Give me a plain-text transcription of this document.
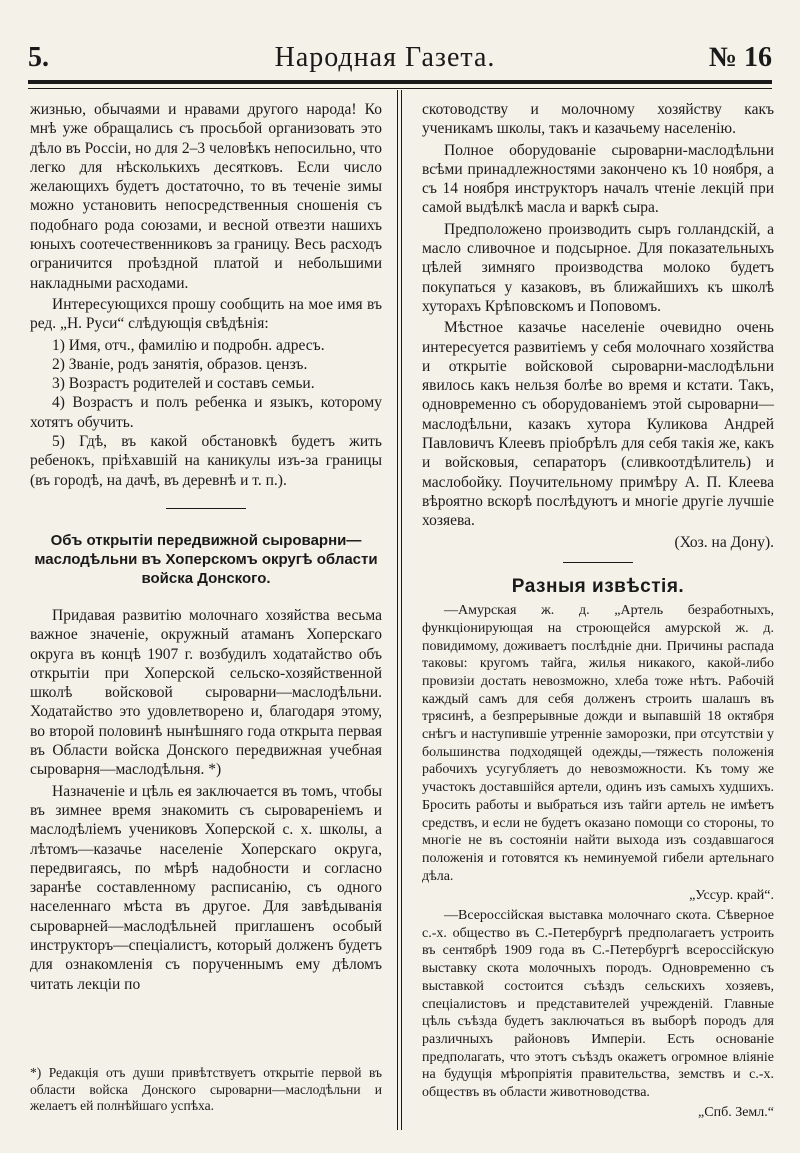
5.	Народная Газета.	№ 16

жизнью, обычаями и нравами другого народа! Ко мнѣ уже обращались съ просьбой организовать это дѣло въ Россіи, но для 2–3 человѣкъ непосильно, что легко для нѣсколькихъ десятковъ. Если число желающихъ будетъ достаточно, то въ теченіе зимы можно установить непосредственныя сношенія съ подобнаго рода союзами, и весной отвезти нашихъ юныхъ соотечественниковъ за границу. Весь расходъ ограничится проѣздной платой и небольшими накладными расходами.

Интересующихся прошу сообщить на мое имя въ ред. „Н. Руси“ слѣдующія свѣдѣнія:

1) Имя, отч., фамилію и подробн. адресъ.

2) Званіе, родъ занятія, образов. цензъ.

3) Возрастъ родителей и составъ семьи.

4) Возрастъ и полъ ребенка и языкъ, которому хотятъ обучить.

5) Гдѣ, въ какой обстановкѣ будетъ жить ребенокъ, пріѣхавшій на каникулы изъ-за границы (въ городѣ, на дачѣ, въ деревнѣ и т. п.).

Объ открытіи передвижной сыроварни—маслодѣльни въ Хоперскомъ округѣ области войска Донского.

Придавая развитію молочнаго хозяйства весьма важное значеніе, окружный атаманъ Хоперскаго округа въ концѣ 1907 г. возбудилъ ходатайство объ открытіи при Хоперской сельско-хозяйственной школѣ войсковой сыроварни—маслодѣльни. Ходатайство это удовлетворено и, благодаря этому, во второй половинѣ нынѣшняго года открыта первая въ Области войска Донского передвижная учебная сыроварня—маслодѣльня. *)

Назначеніе и цѣль ея заключается въ томъ, чтобы въ зимнее время знакомить съ сыровареніемъ и маслодѣліемъ учениковъ Хоперской с. х. школы, а лѣтомъ—казачье населеніе Хоперскаго округа, передвигаясь, по мѣрѣ надобности и согласно заранѣе составленному расписанію, съ одного населеннаго мѣста въ другое. Для завѣдыванія сыроварней—маслодѣльней приглашенъ особый инструкторъ—спеціалистъ, который долженъ будетъ для ознакомленія съ порученнымъ ему дѣломъ читать лекціи по

*) Редакція отъ души привѣтствуетъ открытіе первой въ области войска Донского сыроварни—маслодѣльни и желаетъ ей полнѣйшаго успѣха.

скотоводству и молочному хозяйству какъ ученикамъ школы, такъ и казачьему населенію.

Полное оборудованіе сыроварни-маслодѣльни всѣми принадлежностями закончено къ 10 ноября, а съ 14 ноября инструкторъ началъ чтеніе лекцій при самой выдѣлкѣ масла и варкѣ сыра.

Предположено производить сыръ голландскій, а масло сливочное и подсырное. Для показательныхъ цѣлей зимняго производства молоко будетъ покупаться у казаковъ, въ ближайшихъ къ школѣ хуторахъ Крѣповскомъ и Поповомъ.

Мѣстное казачье населеніе очевидно очень интересуется развитіемъ у себя молочнаго хозяйства и открытіе войсковой сыроварни-маслодѣльни явилось какъ нельзя болѣе во время и кстати. Такъ, одновременно съ оборудованіемъ этой сыроварни—маслодѣльни, казакъ хутора Куликова Андрей Павловичъ Клеевъ пріобрѣлъ для себя такія же, какъ и войсковыя, сепараторъ (сливкоотдѣлитель) и маслобойку. Поучительному примѣру А. П. Клеева вѣроятно вскорѣ послѣдуютъ и многіе другіе лучшіе хозяева.

(Хоз. на Дону).

Разныя извѣстія.

—Амурская ж. д. „Артель безработныхъ, функціонирующая на строющейся амурской ж. д. повидимому, доживаетъ послѣдніе дни. Причины распада таковы: кругомъ тайга, жилья никакого, какой-либо провизіи достать невозможно, хлеба тоже нѣтъ. Рабочій каждый самъ для себя долженъ строить шалашъ въ трясинѣ, а безпрерывные дожди и выпавшій 18 октября снѣгъ и наступившіе утренніе заморозки, при отсутствіи у большинства подходящей одежды,—тяжесть положенія рабочихъ усугубляетъ до невозможности. Къ тому же участокъ доставшійся артели, одинъ изъ самыхъ худшихъ. Бросить работы и выбраться изъ тайги артель не имѣетъ средствъ, и если не будетъ оказано помощи со стороны, то многіе не въ состояніи найти выхода изъ создавшагося положенія и готовятся къ неминуемой гибели артельнаго дѣла.

„Уссур. край“.

—Всероссійская выставка молочнаго скота. Сѣверное с.-х. общество въ С.-Петербургѣ предполагаетъ устроить въ сентябрѣ 1909 года въ С.-Петербургѣ всероссійскую выставку скота молочныхъ породъ. Одновременно съ выставкой состоится съѣздъ сельскихъ хозяевъ, спеціалистовъ и представителей учрежденій. Главные цѣль съѣзда будетъ заключаться въ выборѣ породъ для различныхъ районовъ Имперіи. Есть основаніе предполагать, что этотъ съѣздъ окажетъ огромное вліяніе на будущія мѣропріятія правительства, земствъ и с.-х. обществъ въ области животноводства.

„Спб. Земл.“
